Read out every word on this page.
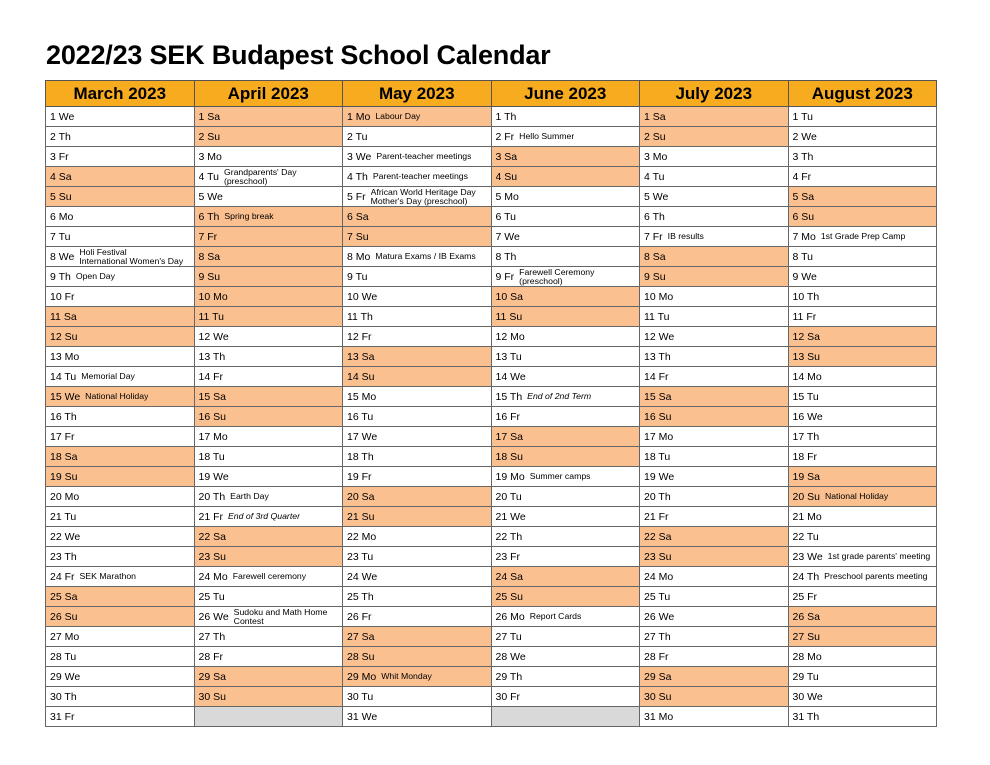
2022/23 SEK Budapest School Calendar
March 2023	April 2023	May 2023	June 2023	July 2023	August 2023

1 We	1 Sa	1 Mo Labour Day	1 Th	1 Sa	1 Tu

2 Th	2 Su	2 Tu	2 Fr Hello Summer	2 Su	2 We

3 Fr	3 Mo	3 We Parent-teacher meetings	3 Sa	3 Mo	3 Th

4 Sa	4 Tu Grandparents' Day
(preschool)	4 Th Parent-teacher meetings	4 Su	4 Tu	4 Fr

5 Su	5 We	5 Fr African World Heritage Day
Mother's Day (preschool)	5 Mo	5 We	5 Sa

6 Mo	6 Th Spring break	6 Sa	6 Tu	6 Th	6 Su

7 Tu	7 Fr	7 Su	7 We	7 Fr IB results	7 Mo 1st Grade Prep Camp

8 We Holi Festival
International Women's Day	8 Sa	8 Mo Matura Exams / IB Exams	8 Th	8 Sa	8 Tu

9 Th Open Day	9 Su	9 Tu	9 Fr Farewell Ceremony
(preschool)	9 Su	9 We

10 Fr	10 Mo	10 We	10 Sa	10 Mo	10 Th

11 Sa	11 Tu	11 Th	11 Su	11 Tu	11 Fr

12 Su	12 We	12 Fr	12 Mo	12 We	12 Sa

13 Mo	13 Th	13 Sa	13 Tu	13 Th	13 Su

14 Tu Memorial Day	14 Fr	14 Su	14 We	14 Fr	14 Mo

15 We National Holiday	15 Sa	15 Mo	15 Th End of 2nd Term	15 Sa	15 Tu

16 Th	16 Su	16 Tu	16 Fr	16 Su	16 We

17 Fr	17 Mo	17 We	17 Sa	17 Mo	17 Th

18 Sa	18 Tu	18 Th	18 Su	18 Tu	18 Fr

19 Su	19 We	19 Fr	19 Mo Summer camps	19 We	19 Sa

20 Mo	20 Th Earth Day	20 Sa	20 Tu	20 Th	20 Su National Holiday

21 Tu	21 Fr End of 3rd Quarter	21 Su	21 We	21 Fr	21 Mo

22 We	22 Sa	22 Mo	22 Th	22 Sa	22 Tu

23 Th	23 Su	23 Tu	23 Fr	23 Su	23 We 1st grade parents' meeting

24 Fr SEK Marathon	24 Mo Farewell ceremony	24 We	24 Sa	24 Mo	24 Th Preschool parents meeting

25 Sa	25 Tu	25 Th	25 Su	25 Tu	25 Fr

26 Su	26 We Sudoku and Math Home
Contest	26 Fr	26 Mo Report Cards	26 We	26 Sa

27 Mo	27 Th	27 Sa	27 Tu	27 Th	27 Su

28 Tu	28 Fr	28 Su	28 We	28 Fr	28 Mo

29 We	29 Sa	29 Mo Whit Monday	29 Th	29 Sa	29 Tu

30 Th	30 Su	30 Tu	30 Fr	30 Su	30 We

31 Fr		31 We		31 Mo	31 Th
